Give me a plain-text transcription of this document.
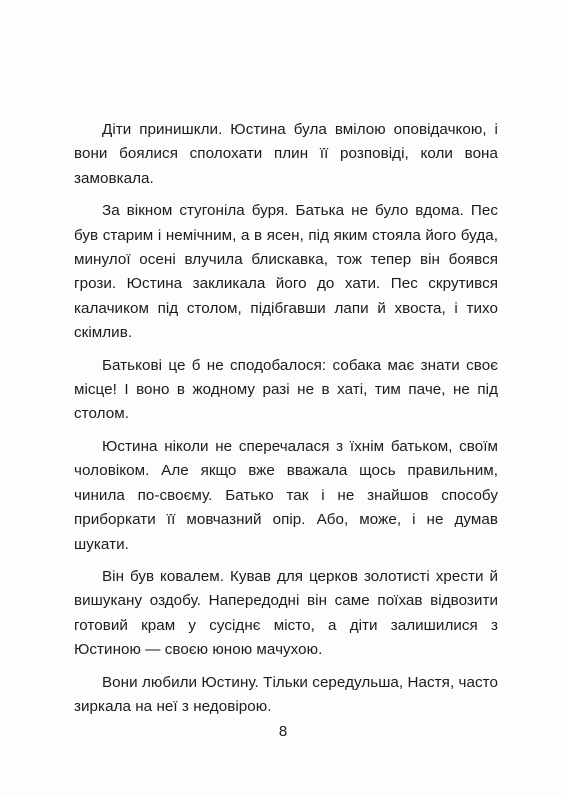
Діти принишкли. Юстина була вмілою оповідачкою, і вони боялися сполохати плин її розповіді, коли вона замовкала.

За вікном стугоніла буря. Батька не було вдома. Пес був старим і немічним, а в ясен, під яким стояла його буда, минулої осені влучила блискавка, тож тепер він боявся грози. Юстина закликала його до хати. Пес скрутився калачиком під столом, підібгавши лапи й хвоста, і тихо скімлив.

Батькові це б не сподобалося: собака має знати своє місце! І воно в жодному разі не в хаті, тим паче, не під столом.

Юстина ніколи не сперечалася з їхнім батьком, своїм чоловіком. Але якщо вже вважала щось правильним, чинила по-своєму. Батько так і не знайшов способу приборкати її мовчазний опір. Або, може, і не думав шукати.

Він був ковалем. Кував для церков золотисті хрести й вишукану оздобу. Напередодні він саме поїхав відвозити готовий крам у сусіднє місто, а діти залишилися з Юстиною — своєю юною мачухою.

Вони любили Юстину. Тільки середульша, Настя, часто зиркала на неї з недовірою.

8
